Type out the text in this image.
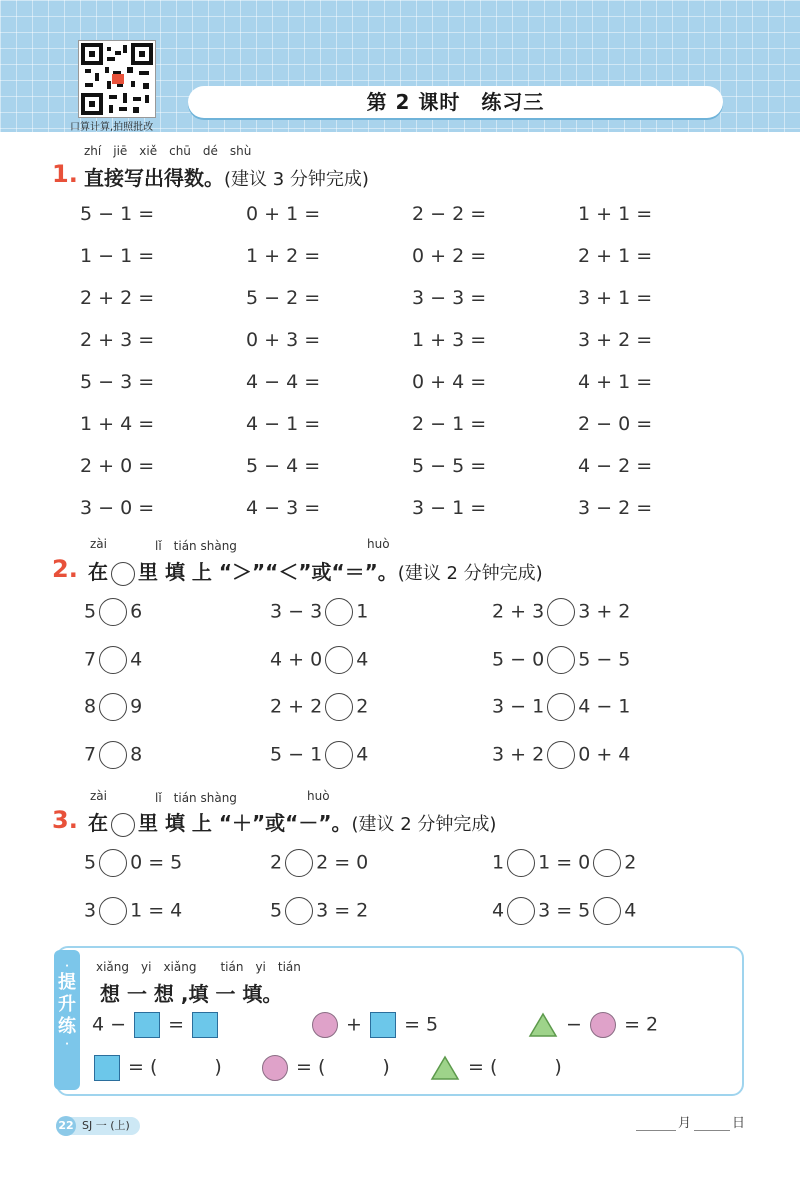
口算计算,拍照批改
第 2 课时　练习三
zhí　jiē　xiě　chū　dé　shù
1. 直接写出得数。(建议 3 分钟完成)
5 − 1 =	0 + 1 =	2 − 2 =	1 + 1 =
1 − 1 =	1 + 2 =	0 + 2 =	2 + 1 =
2 + 2 =	5 − 2 =	3 − 3 =	3 + 1 =
2 + 3 =	0 + 3 =	1 + 3 =	3 + 2 =
5 − 3 =	4 − 4 =	0 + 4 =	4 + 1 =
1 + 4 =	4 − 1 =	2 − 1 =	2 − 0 =
2 + 0 =	5 − 4 =	5 − 5 =	4 − 2 =
3 − 0 =	4 − 3 =	3 − 1 =	3 − 2 =
zài	lǐ　tián shàng	huò
2. 在 里 填 上 “＞”“＜”或“＝”。(建议 2 分钟完成)
5 6	3 − 3 1	2 + 3 3 + 2
7 4	4 + 0 4	5 − 0 5 − 5
8 9	2 + 2 2	3 − 1 4 − 1
7 8	5 − 1 4	3 + 2 0 + 4
zài	lǐ　tián shàng	huò
3. 在 里 填 上 “＋”或“－”。(建议 2 分钟完成)
5 0 = 5	2 2 = 0	1 1 = 0 2
3 1 = 4	5 3 = 2	4 3 = 5 4
·
提升练
·
xiǎng　yi　xiǎng　　tián　yi　tián
想 一 想 ,填 一 填。
4 − =	+ = 5	− = 2
= (　　　)	= (　　　)	= (　　　)
22 SJ 一 (上)	月	日
